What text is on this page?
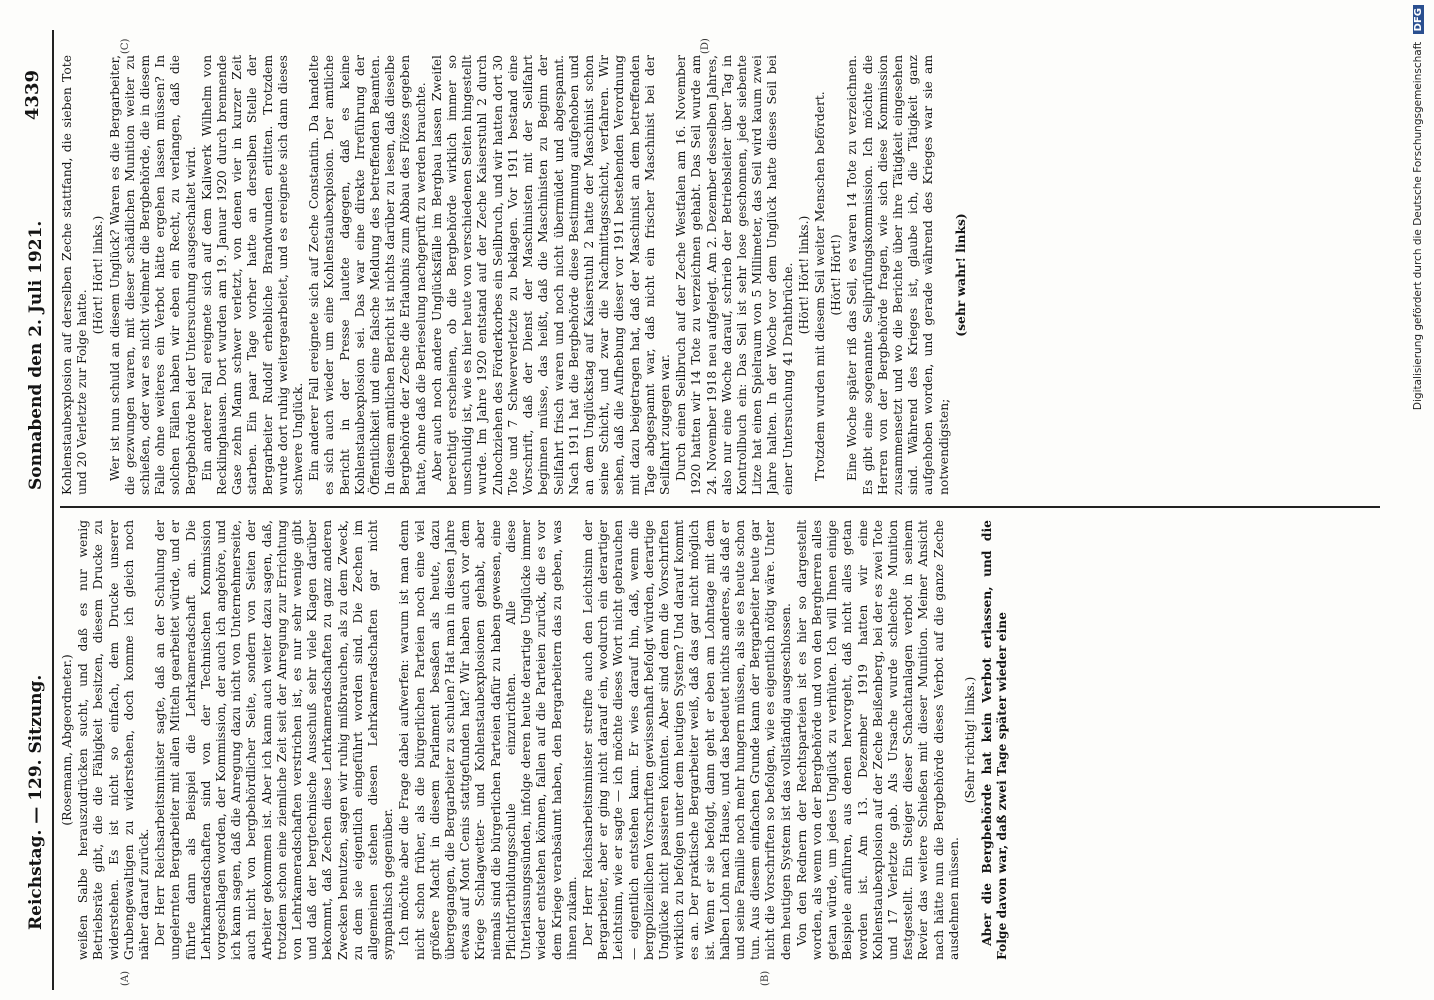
Reichstag. — 129. Sitzung.
Sonnabend den 2. Juli 1921.
4339
(A)	(B)
(C)	(D)

(Rosemann, Abgeordneter.) weißen Salbe herauszudrücken sucht, und daß es nur wenig Betriebsräte gibt, die die Fähigkeit besitzen, diesem Drucke zu widerstehen. Es ist nicht so einfach, dem Drucke unserer Grubengewaltigen zu widerstehen, doch komme ich gleich noch näher darauf zurück. Der Herr Reichsarbeitsminister sagte, daß an der Schulung der ungelernten Bergarbeiter mit allen Mitteln gearbeitet würde, und er führte dann als Beispiel die Lehrkameradschaft an. Die Lehrkameradschaften sind von der Technischen Kommission vorgeschlagen worden, der Kommission, der auch ich angehöre, und ich kann sagen, daß die Anregung dazu nicht von Unternehmerseite, auch nicht von bergbehördlicher Seite, sondern von Seiten der Arbeiter gekommen ist. Aber ich kann auch weiter dazu sagen, daß, trotzdem schon eine ziemliche Zeit seit der Anregung zur Errichtung von Lehrkameradschaften verstrichen ist, es nur sehr wenige gibt und daß der bergtechnische Ausschuß sehr viele Klagen darüber bekommt, daß Zechen diese Lehrkameradschaften zu ganz anderen Zwecken benutzen, sagen wir ruhig mißbrauchen, als zu dem Zweck, zu dem sie eigentlich eingeführt worden sind. Die Zechen im allgemeinen stehen diesen Lehrkameradschaften gar nicht sympathisch gegenüber. Ich möchte aber die Frage dabei aufwerfen: warum ist man denn nicht schon früher, als die bürgerlichen Parteien noch eine viel größere Macht in diesem Parlament besaßen als heute, dazu übergegangen, die Bergarbeiter zu schulen? Hat man in diesen Jahre etwas auf Mont Cenis stattgefunden hat? Wir haben auch vor dem Kriege Schlagwetter- und Kohlenstaubexplosionen gehabt, aber niemals sind die bürgerlichen Parteien dafür zu haben gewesen, eine Pflichtfortbildungsschule einzurichten. Alle diese Unterlassungssünden, infolge deren heute derartige Unglücke immer wieder entstehen können, fallen auf die Parteien zurück, die es vor dem Kriege verabsäumt haben, den Bergarbeitern das zu geben, was ihnen zukam. Der Herr Reichsarbeitsminister streifte auch den Leichtsinn der Bergarbeiter, aber er ging nicht darauf ein, wodurch ein derartiger Leichtsinn, wie er sagte — ich möchte dieses Wort nicht gebrauchen — eigentlich entstehen kann. Er wies darauf hin, daß, wenn die bergpolizeilichen Vorschriften gewissenhaft befolgt würden, derartige Unglücke nicht passieren könnten. Aber sind denn die Vorschriften wirklich zu befolgen unter dem heutigen System? Und darauf kommt es an. Der praktische Bergarbeiter weiß, daß das gar nicht möglich ist. Wenn er sie befolgt, dann geht er eben am Lohntage mit dem halben Lohn nach Hause, und das bedeutet nichts anderes, als daß er und seine Familie noch mehr hungern müssen, als sie es heute schon tun. Aus diesem einfachen Grunde kann der Bergarbeiter heute gar nicht die Vorschriften so befolgen, wie es eigentlich nötig wäre. Unter dem heutigen System ist das vollständig ausgeschlossen. Von den Rednern der Rechtsparteien ist es hier so dargestellt worden, als wenn von der Bergbehörde und von den Bergherren alles getan würde, um jedes Unglück zu verhüten. Ich will Ihnen einige Beispiele anführen, aus denen hervorgeht, daß nicht alles getan worden ist. Am 13. Dezember 1919 hatten wir eine Kohlenstaubexplosion auf der Zeche Beißenberg, bei der es zwei Tote und 17 Verletzte gab. Als Ursache wurde schlechte Munition festgestellt. Ein Steiger dieser Schachtanlagen verbot in seinem Revier das weitere Schießen mit dieser Munition. Meiner Ansicht nach hätte nun die Bergbehörde dieses Verbot auf die ganze Zeche ausdehnen müssen.

(Sehr richtig! links.) Aber die Bergbehörde hat kein Verbot erlassen, und die Folge davon war, daß zwei Tage später wieder eine

Kohlenstaubexplosion auf derselben Zeche stattfand, die sieben Tote und 20 Verletzte zur Folge hatte.

(Hört! Hört! links.) Wer ist nun schuld an diesem Unglück? Waren es die Bergarbeiter, die gezwungen waren, mit dieser schädlichen Munition weiter zu schießen, oder war es nicht vielmehr die Bergbehörde, die in diesem Falle ohne weiteres ein Verbot hätte ergehen lassen müssen? In solchen Fällen haben wir eben ein Recht, zu verlangen, daß die Bergbehörde bei der Untersuchung ausgeschaltet wird. Ein anderer Fall ereignete sich auf dem Kaliwerk Wilhelm von Recklinghausen. Dort wurden am 19. Januar 1920 durch brennende Gase zehn Mann schwer verletzt, von denen vier in kurzer Zeit starben. Ein paar Tage vorher hatte an derselben Stelle der Bergarbeiter Rudolf erhebliche Brandwunden erlitten. Trotzdem wurde dort ruhig weitergearbeitet, und es ereignete sich dann dieses schwere Unglück. Ein anderer Fall ereignete sich auf Zeche Constantin. Da handelte es sich auch wieder um eine Kohlenstaubexplosion. Der amtliche Bericht in der Presse lautete dagegen, daß es keine Kohlenstaubexplosion sei. Das war eine direkte Irreführung der Öffentlichkeit und eine falsche Meldung des betreffenden Beamten. In diesem amtlichen Bericht ist nichts darüber zu lesen, daß dieselbe Bergbehörde der Zeche die Erlaubnis zum Abbau des Flözes gegeben hatte, ohne daß die Berieselung nachgeprüft zu werden brauchte. Aber auch noch andere Unglücksfälle im Bergbau lassen Zweifel berechtigt erscheinen, ob die Bergbehörde wirklich immer so unschuldig ist, wie es hier heute von verschiedenen Seiten hingestellt wurde. Im Jahre 1920 entstand auf der Zeche Kaiserstuhl 2 durch Zuhochziehen des Förderkorbes ein Seilbruch, und wir hatten dort 30 Tote und 7 Schwerverletzte zu beklagen. Vor 1911 bestand eine Vorschrift, daß der Dienst der Maschinisten mit der Seilfahrt beginnen müsse, das heißt, daß die Maschinisten zu Beginn der Seilfahrt frisch waren und noch nicht übermüdet und abgespannt. Nach 1911 hat die Bergbehörde diese Bestimmung aufgehoben und an dem Unglückstag auf Kaiserstuhl 2 hatte der Maschinist schon seine Schicht, und zwar die Nachmittagsschicht, verfahren. Wir sehen, daß die Aufhebung dieser vor 1911 bestehenden Verordnung mit dazu beigetragen hat, daß der Maschinist an dem betreffenden Tage abgespannt war, daß nicht ein frischer Maschinist bei der Seilfahrt zugegen war. Durch einen Seilbruch auf der Zeche Westfalen am 16. November 1920 hatten wir 14 Tote zu verzeichnen gehabt. Das Seil wurde am 24. November 1918 neu aufgelegt. Am 2. Dezember desselben Jahres, also nur eine Woche darauf, schrieb der Betriebsleiter über Tag in Kontrollbuch ein: Das Seil ist sehr lose geschonnen, jede siebente Litze hat einen Spielraum von 5 Millimeter, das Seil wird kaum zwei Jahre halten. In der Woche vor dem Unglück hatte dieses Seil bei einer Untersuchung 41 Drahtbrüche. (Hört! Hört! links.) Trotzdem wurden mit diesem Seil weiter Menschen befördert. (Hört! Hört!) Eine Woche später riß das Seil, es waren 14 Tote zu verzeichnen. Es gibt eine sogenannte Seilprüfungskommission. Ich möchte die Herren von der Bergbehörde fragen, wie sich diese Kommission zusammensetzt und wo die Berichte über ihre Tätigkeit eingesehen sind. Während des Krieges ist, glaube ich, die Tätigkeit ganz aufgehoben worden, und gerade während des Krieges war sie am notwendigsten;

(sehr wahr! links)	Digitalisierung gefördert durch die Deutsche Forschungsgemeinschaft DFG
